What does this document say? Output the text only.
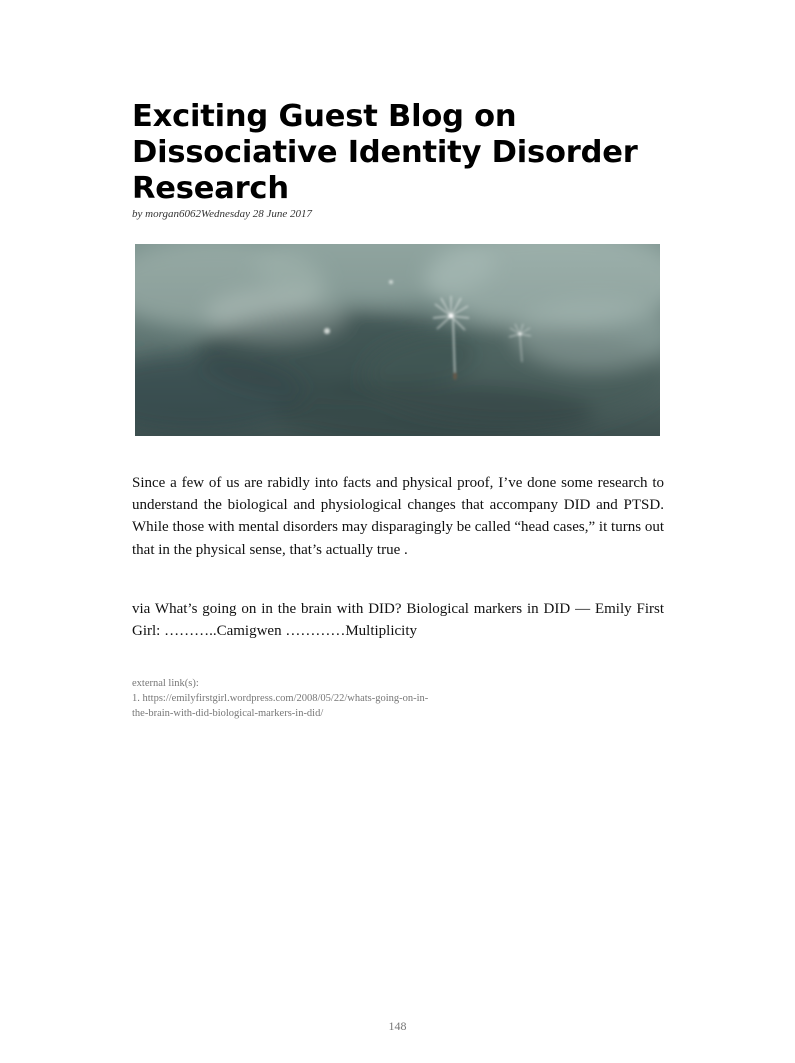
Exciting Guest Blog on Dissociative Identity Disorder Research
by morgan6062Wednesday 28 June 2017

Since a few of us are rabidly into facts and physical proof, I’ve done some research to understand the biological and physiological changes that accompany DID and PTSD. While those with mental disorders may disparagingly be called “head cases,” it turns out that in the physical sense, that’s actually true .

via What’s going on in the brain with DID? Biological markers in DID — Emily First Girl: ………..Camigwen …………Multiplicity

external link(s):
1. https://emilyfirstgirl.wordpress.com/2008/05/22/whats-going-on-in-
the-brain-with-did-biological-markers-in-did/
148
